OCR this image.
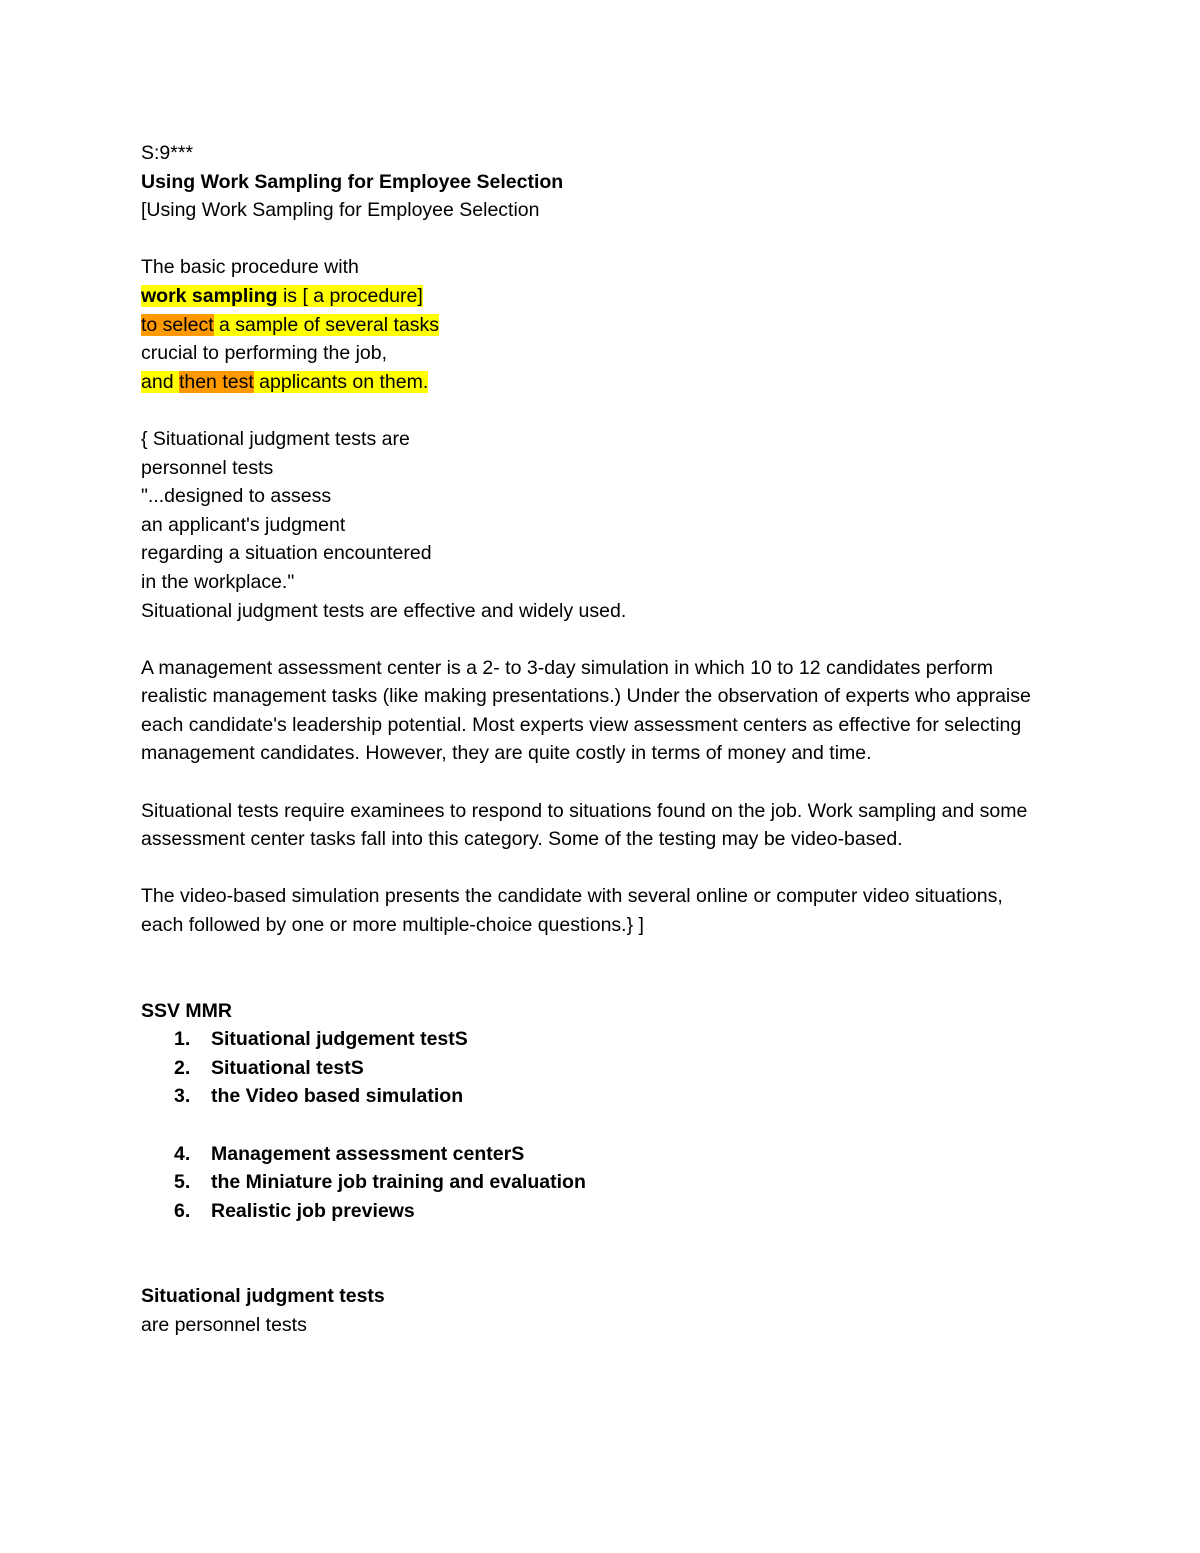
S:9***
Using Work Sampling for Employee Selection
[Using Work Sampling for Employee Selection
The basic procedure with
work sampling is [ a procedure]
to select a sample of several tasks
crucial to performing the job,
and then test applicants on them.
{ Situational judgment tests are
personnel tests
"...designed to assess
an applicant's judgment
regarding a situation encountered
in the workplace."
Situational judgment tests are effective and widely used.
A management assessment center is a 2- to 3-day simulation in which 10 to 12 candidates perform realistic management tasks (like making presentations.) Under the observation of experts who appraise each candidate's leadership potential. Most experts view assessment centers as effective for selecting management candidates. However, they are quite costly in terms of money and time.
Situational tests require examinees to respond to situations found on the job. Work sampling and some assessment center tasks fall into this category. Some of the testing may be video-based.
The video-based simulation presents the candidate with several online or computer video situations, each followed by one or more multiple-choice questions.} ]
SSV MMR
1. Situational judgement testS
2. Situational testS
3. the Video based simulation
4. Management assessment centerS
5. the Miniature job training and evaluation
6. Realistic job previews
Situational judgment tests
are personnel tests
